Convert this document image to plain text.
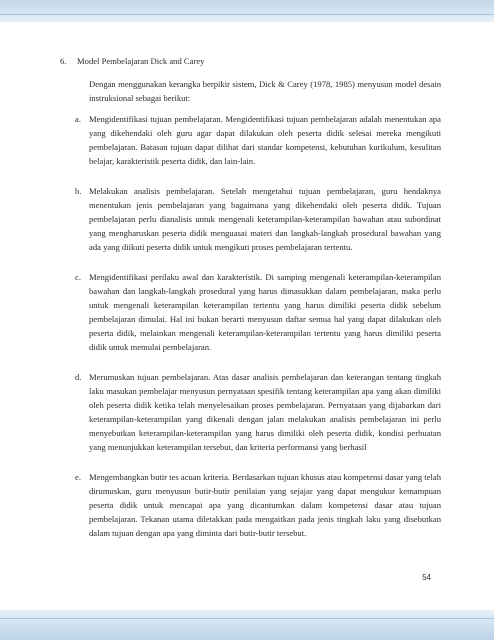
6. Model Pembelajaran Dick and Carey
Dengan menggunakan kerangka berpikir sistem, Dick & Carey (1978, 1985) menyusun model desain instruksional sebagai berikut:
a. Mengidentifikasi tujuan pembelajaran. Mengidentifikasi tujuan pembelajaran adalah menentukan apa yang dikehendaki oleh guru agar dapat dilakukan oleh peserta didik selesai mereka mengikuti pembelajaran. Batasan tujuan dapat dilihat dari standar kompetensi, kebutuhan kurikulum, kesulitan belajar, karakteristik peserta didik, dan lain-lain.
b. Melakukan analisis pembelajaran. Setelah mengetahui tujuan pembelajaran, guru hendaknya menentukan jenis pembelajaran yang bagaimana yang dikehendaki oleh peserta didik. Tujuan pembelajaran perlu dianalisis untuk mengenali keterampilan-keterampilan bawahan atau subordinat yang mengharuskan peserta didik menguasai materi dan langkah-langkah prosedural bawahan yang ada yang diikuti peserta didik untuk mengikuti proses pembelajaran tertentu.
c. Mengidentifikasi perilaku awal dan karakteristik. Di samping mengenali keterampilan-keterampilan bawahan dan langkah-langkah prosedural yang harus dimasukkan dalam pembelajaran, maka perlu untuk mengenali keterampilan keterampilan tertentu yang harus dimiliki peserta didik sebelum pembelajaran dimulai. Hal ini bukan berarti menyusun daftar semua hal yang dapat dilakukan oleh peserta didik, melainkan mengenali keterampilan-keterampilan tertentu yang harus dimiliki peserta didik untuk memulai pembelajaran.
d. Merumuskan tujuan pembelajaran. Atas dasar analisis pembelajaran dan keterangan tentang tingkah laku masukan pembelajar menyusun pernyataan spesifik tentang keterampilan apa yang akan dimiliki oleh peserta didik ketika telah menyelesaikan proses pembelajaran. Pernyataan yang dijabarkan dari keterampilan-keterampilan yang dikenali dengan jalan melakukan analisis pembelajaran ini perlu menyebutkan keterampilan-keterampilan yang harus dimiliki oleh peserta didik, kondisi perbuatan yang menunjukkan keterampilan tersebut, dan kriteria performansi yang berhasil
e. Mengembangkan butir tes acuan kriteria. Berdasarkan tujuan khusus atau kompetensi dasar yang telah dirumuskan, guru menyusun butir-butir penilaian yang sejajar yang dapat mengukur kemampuan peserta didik untuk mencapai apa yang dicantumkan dalam kompetensi dasar atau tujuan pembelajaran. Tekanan utama diletakkan pada mengaitkan pada jenis tingkah laku yang disebutkan dalam tujuan dengan apa yang diminta dari butir-butir tersebut.
54
